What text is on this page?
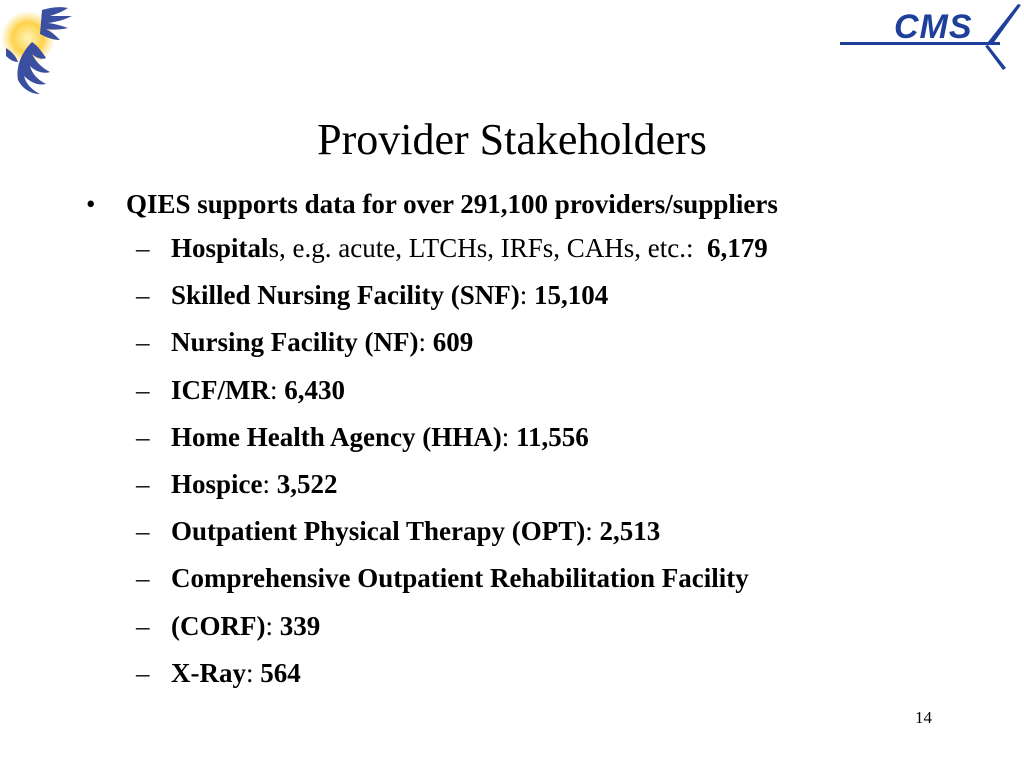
CMS
Provider Stakeholders
• QIES supports data for over 291,100 providers/suppliers
– Hospitals, e.g. acute, LTCHs, IRFs, CAHs, etc.: 6,179
– Skilled Nursing Facility (SNF): 15,104
– Nursing Facility (NF): 609
– ICF/MR: 6,430
– Home Health Agency (HHA): 11,556
– Hospice: 3,522
– Outpatient Physical Therapy (OPT): 2,513
– Comprehensive Outpatient Rehabilitation Facility
– (CORF): 339
– X-Ray: 564
14
